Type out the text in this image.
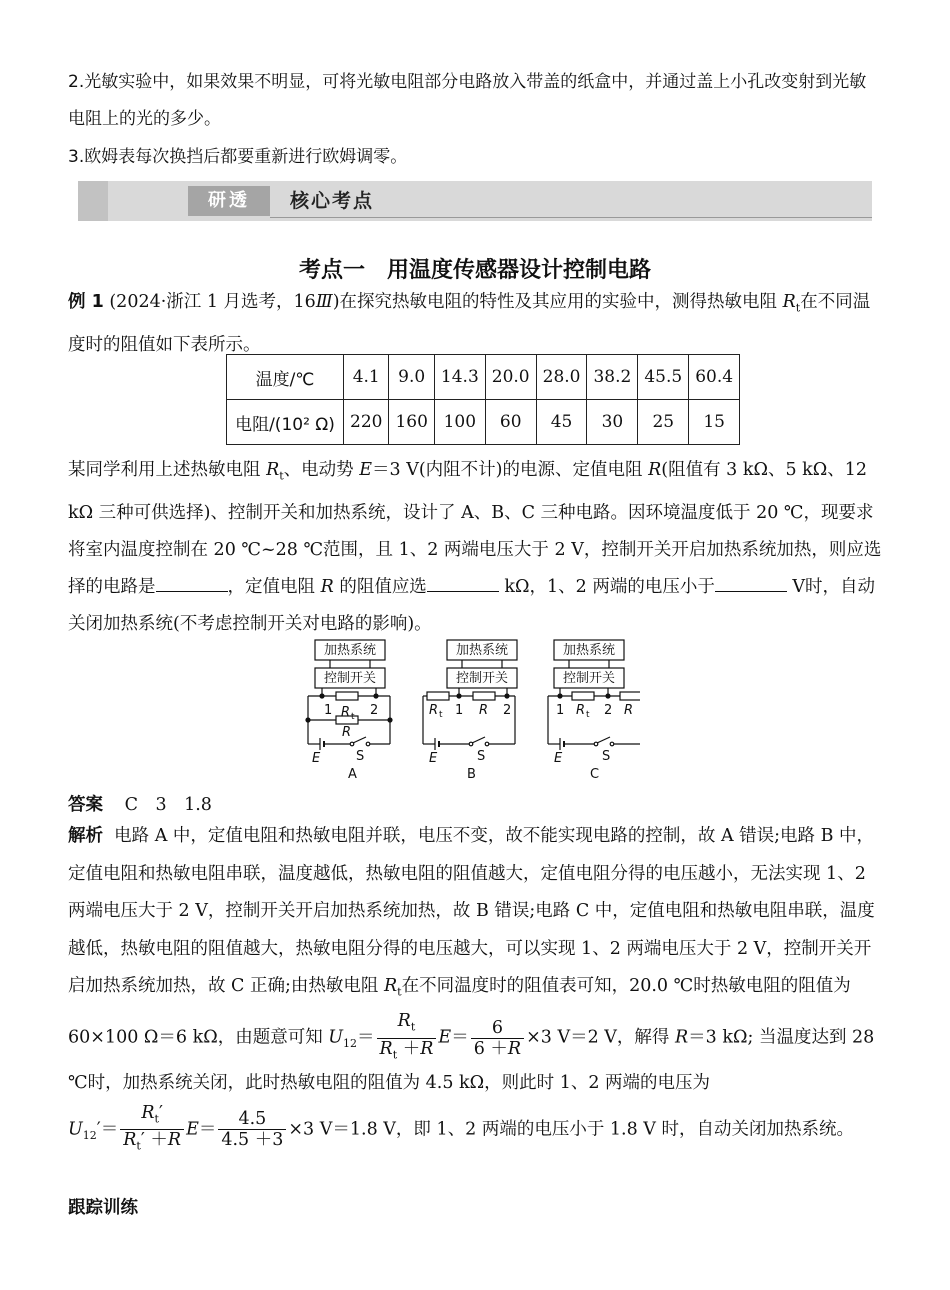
2.光敏实验中，如果效果不明显，可将光敏电阻部分电路放入带盖的纸盒中，并通过盖上小孔改变射到光敏电阻上的光的多少。
3.欧姆表每次换挡后都要重新进行欧姆调零。
研透	核心考点
考点一　用温度传感器设计控制电路
例 1 (2024·浙江 1 月选考，16Ⅲ)在探究热敏电阻的特性及其应用的实验中，测得热敏电阻 $R_t$在不同温度时的阻值如下表所示。
温度/℃	4.1	9.0	14.3	20.0	28.0	38.2	45.5	60.4
电阻/(10² Ω)	220	160	100	60	45	30	25	15
某同学利用上述热敏电阻 $R_t$、电动势 E＝3 V(内阻不计)的电源、定值电阻 R(阻值有 3 kΩ、5 kΩ、12 kΩ 三种可供选择)、控制开关和加热系统，设计了 A、B、C 三种电路。因环境温度低于 20 ℃，现要求将室内温度控制在 20 ℃~28 ℃范围，且 1、2 两端电压大于 2 V，控制开关开启加热系统加热，则应选择的电路是	，定值电阻 R 的阻值应选	kΩ，1、2 两端的电压小于	V时，自动关闭加热系统(不考虑控制开关对电路的影响)。
加热系统
控制开关
1	2
R t
R
E	S
A
加热系统
控制开关
R t 1 R 2
E	S
B
加热系统
控制开关
1 R t 2 R
E	S
C
答案 C　3　1.8
解析 电路 A 中，定值电阻和热敏电阻并联，电压不变，故不能实现电路的控制，故 A 错误;电路 B 中，定值电阻和热敏电阻串联，温度越低，热敏电阻的阻值越大，定值电阻分得的电压越小，无法实现 1、2 两端电压大于 2 V，控制开关开启加热系统加热，故 B 错误;电路 C 中，定值电阻和热敏电阻串联，温度越低，热敏电阻的阻值越大，热敏电阻分得的电压越大，可以实现 1、2 两端电压大于 2 V，控制开关开启加热系统加热，故 C 正确;由热敏电阻 $R_t$在不同温度时的阻值表可知，20.0 ℃时热敏电阻的阻值为 60×100 Ω＝6 kΩ，由题意可知 $U_{12}= \frac{R_t}{R_t +R} E= \frac{6}{6 +R} \times 3$ V＝2 V，解得 R＝3 kΩ; 当温度达到 28 ℃时，加热系统关闭，此时热敏电阻的阻值为 4.5 kΩ，则此时 1、2 两端的电压为 $U_{12}'= \frac{R_t'}{R_t' +R} E= \frac{4.5}{4.5 +3} \times 3$ V＝1.8 V，即 1、2 两端的电压小于 1.8 V 时，自动关闭加热系统。
跟踪训练
